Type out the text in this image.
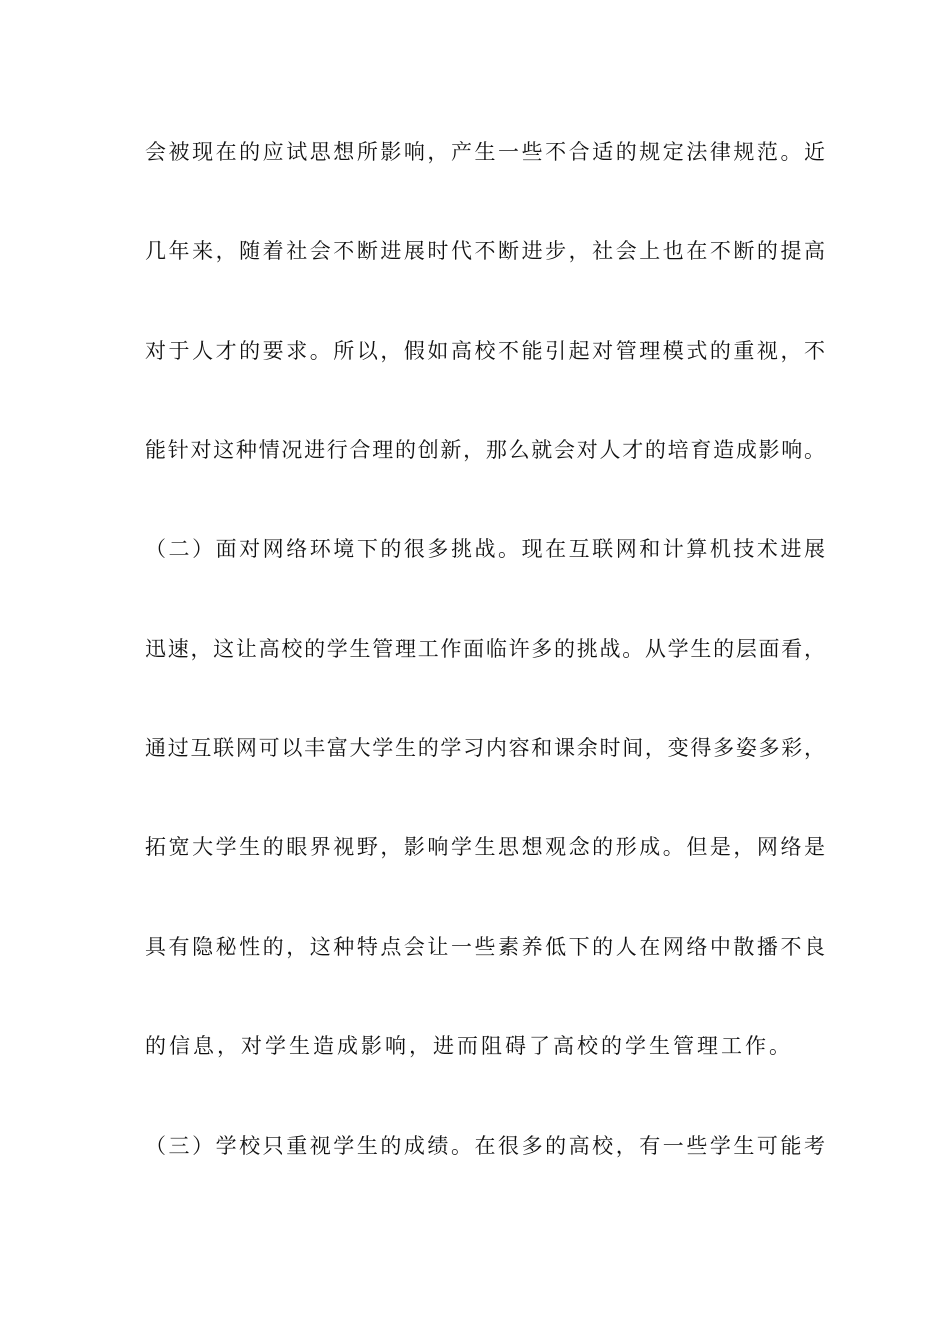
会被现在的应试思想所影响，产生一些不合适的规定法律规范。近
几年来，随着社会不断进展时代不断进步，社会上也在不断的提高
对于人才的要求。所以，假如高校不能引起对管理模式的重视，不
能针对这种情况进行合理的创新，那么就会对人才的培育造成影响。
（二）面对网络环境下的很多挑战。现在互联网和计算机技术进展
迅速，这让高校的学生管理工作面临许多的挑战。从学生的层面看，
通过互联网可以丰富大学生的学习内容和课余时间，变得多姿多彩，
拓宽大学生的眼界视野，影响学生思想观念的形成。但是，网络是
具有隐秘性的，这种特点会让一些素养低下的人在网络中散播不良
的信息，对学生造成影响，进而阻碍了高校的学生管理工作。
（三）学校只重视学生的成绩。在很多的高校，有一些学生可能考
